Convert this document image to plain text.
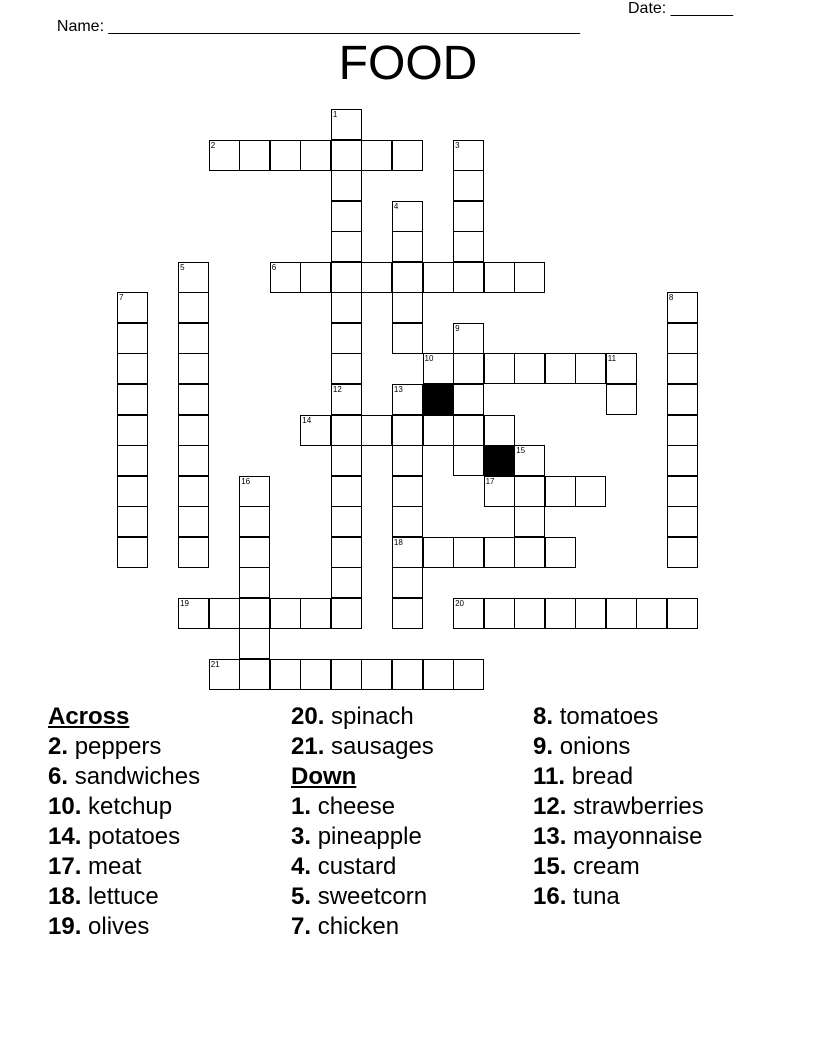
Name: _____________________________________________________

Date: _______

FOOD
2
6
10	11
14
17
18
19	20
21
1
3
4
5
7	8
9
12	13
15
16
Across
2. peppers
6. sandwiches
10. ketchup
14. potatoes
17. meat
18. lettuce
19. olives
20. spinach
21. sausages
Down
1. cheese
3. pineapple
4. custard
5. sweetcorn
7. chicken
8. tomatoes
9. onions
11. bread
12. strawberries
13. mayonnaise
15. cream
16. tuna
